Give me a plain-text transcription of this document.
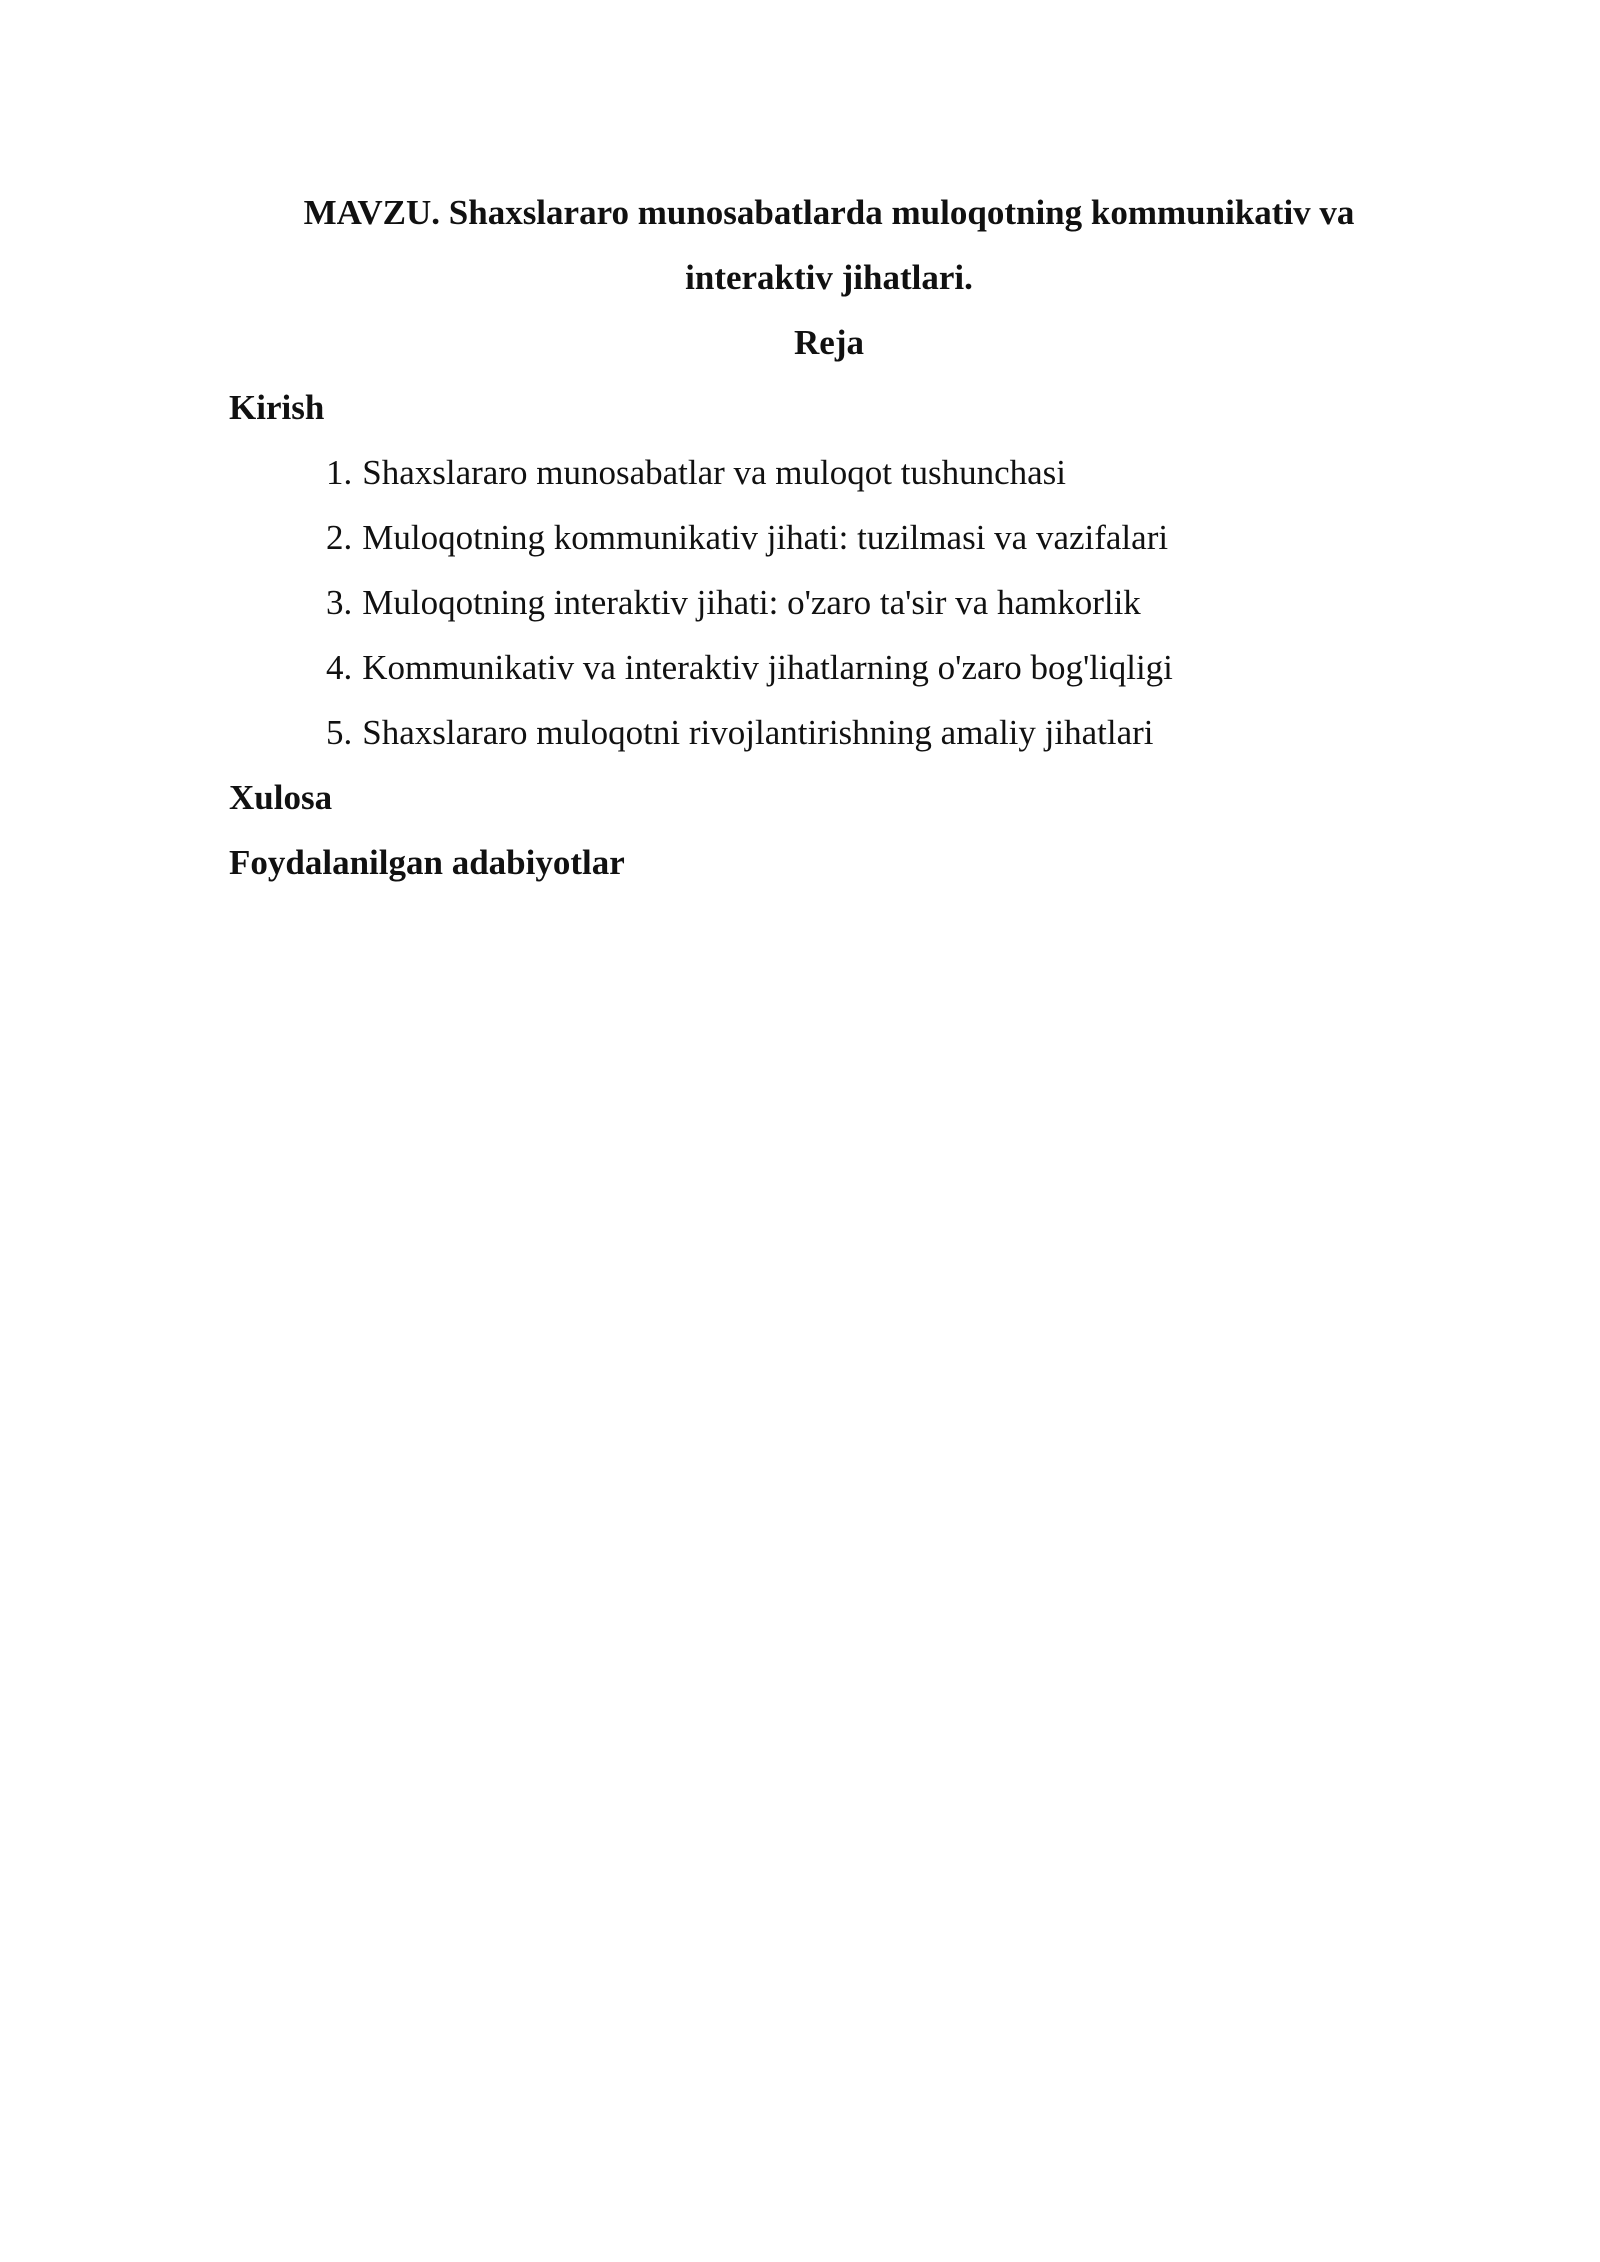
MAVZU. Shaxslararo munosabatlarda muloqotning kommunikativ va

interaktiv jihatlari.

Reja

Kirish

1. Shaxslararo munosabatlar va muloqot tushunchasi
2. Muloqotning kommunikativ jihati: tuzilmasi va vazifalari
3. Muloqotning interaktiv jihati: o'zaro ta'sir va hamkorlik
4. Kommunikativ va interaktiv jihatlarning o'zaro bog'liqligi
5. Shaxslararo muloqotni rivojlantirishning amaliy jihatlari

Xulosa

Foydalanilgan adabiyotlar
